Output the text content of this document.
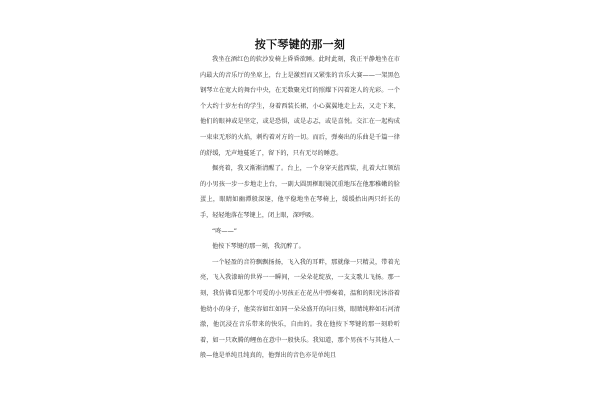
按下琴键的那一刻

我坐在酒红色的软沙发椅上昏昏欲睡。此时此刻，我正平静地坐在市内最大的音乐厅的坐席上，台上是激烈而又紧张的音乐大赛——一架黑色钢琴立在宽大的舞台中央，在无数聚光灯的照耀下闪着迷人的光彩。一个个大约十岁左右的学生，身着西装长裙，小心翼翼地走上去，又走下来，他们的眼神或是坚定，或是恐惧，或是忐忑，或是喜悦。交汇在一起构成一束束无形的火焰，刺灼着对方的一切。而后，弹奏出的乐曲是千篇一律的舒缓，无声地蔓延了，留下的，只有无尽的睡意。

掘亮着，我又渐渐清醒了。台上，一个身穿天蓝西装，扎着大红领结的小男孩一步一步地走上台，一副大圆黑框眼镜沉重地压在他那稚嫩的脸蛋上，眼睛如幽潭般深邃，他平稳地坐在琴椅上，缓缓抬出两只纤长的手，轻轻地落在琴键上，闭上眼，深呼吸。

“咚——”

他按下琴键的那一刻，我沉醉了。

一个轻盈的音符飘飘扬扬，飞入我的耳畔，那就像一只精灵，带着光亮，飞入我漆暗的世界一一瞬间，一朵朵花绽放，一支支歌儿飞扬。那一刻，我仿佛看见那个可爱的小男孩正在花丛中弹奏着，温和的阳光沐浴着他幼小的身子，他笑容如红如同一朵朵盛开的向日葵，眼睛纯粹如石河清澈，他沉浸在音乐带来的快乐，自由的。我在他按下琴键的那一刻聆听着，如一只欢腾的鲤鱼在意中一般快乐。我知道，那个男孩不与其他人一般—他是单纯且纯真的，他弹出的音色亦是单纯且
